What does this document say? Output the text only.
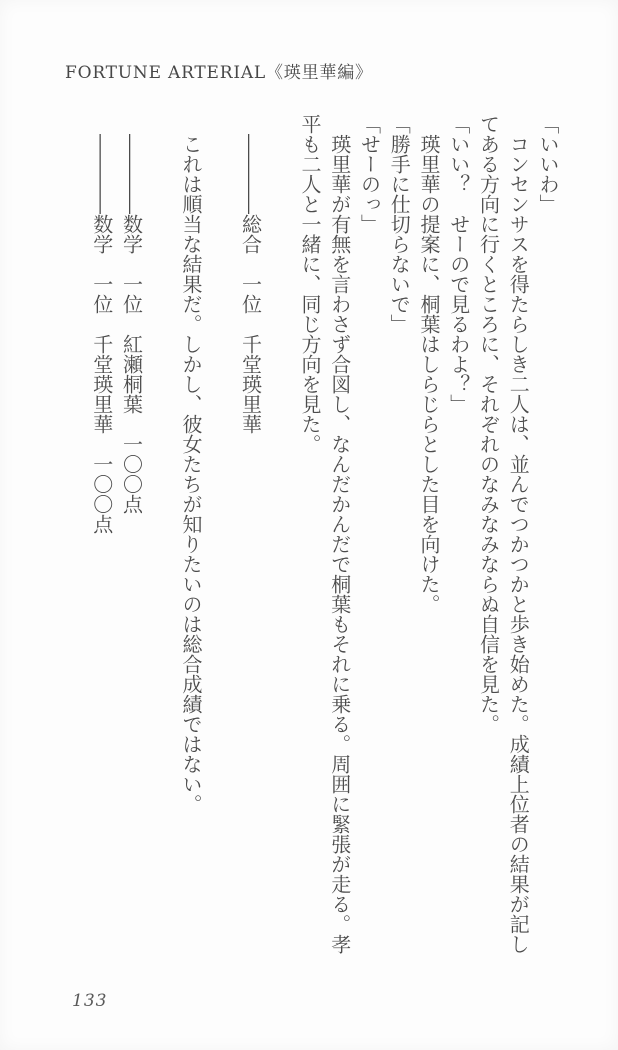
FORTUNE ARTERIAL《瑛里華編》

「いいわ」

　コンセンサスを得たらしき二人は、並んでつかつかと歩き始めた。成績上位者の結果が記し

てある方向に行くところに、それぞれのなみなみならぬ自信を見た。

「いい？　せーので見るわよ？」

　瑛里華の提案に、桐葉はしらじらとした目を向けた。

「勝手に仕切らないで」

「せーのっ」

　瑛里華が有無を言わさず合図し、なんだかんだで桐葉もそれに乗る。周囲に緊張が走る。孝

平も二人と一緒に、同じ方向を見た。

　――――総合　一位　千堂瑛里華

　これは順当な結果だ。しかし、彼女たちが知りたいのは総合成績ではない。

　――――数学　一位　紅瀬桐葉　一〇〇点

　――――数学　一位　千堂瑛里華　一〇〇点

133
